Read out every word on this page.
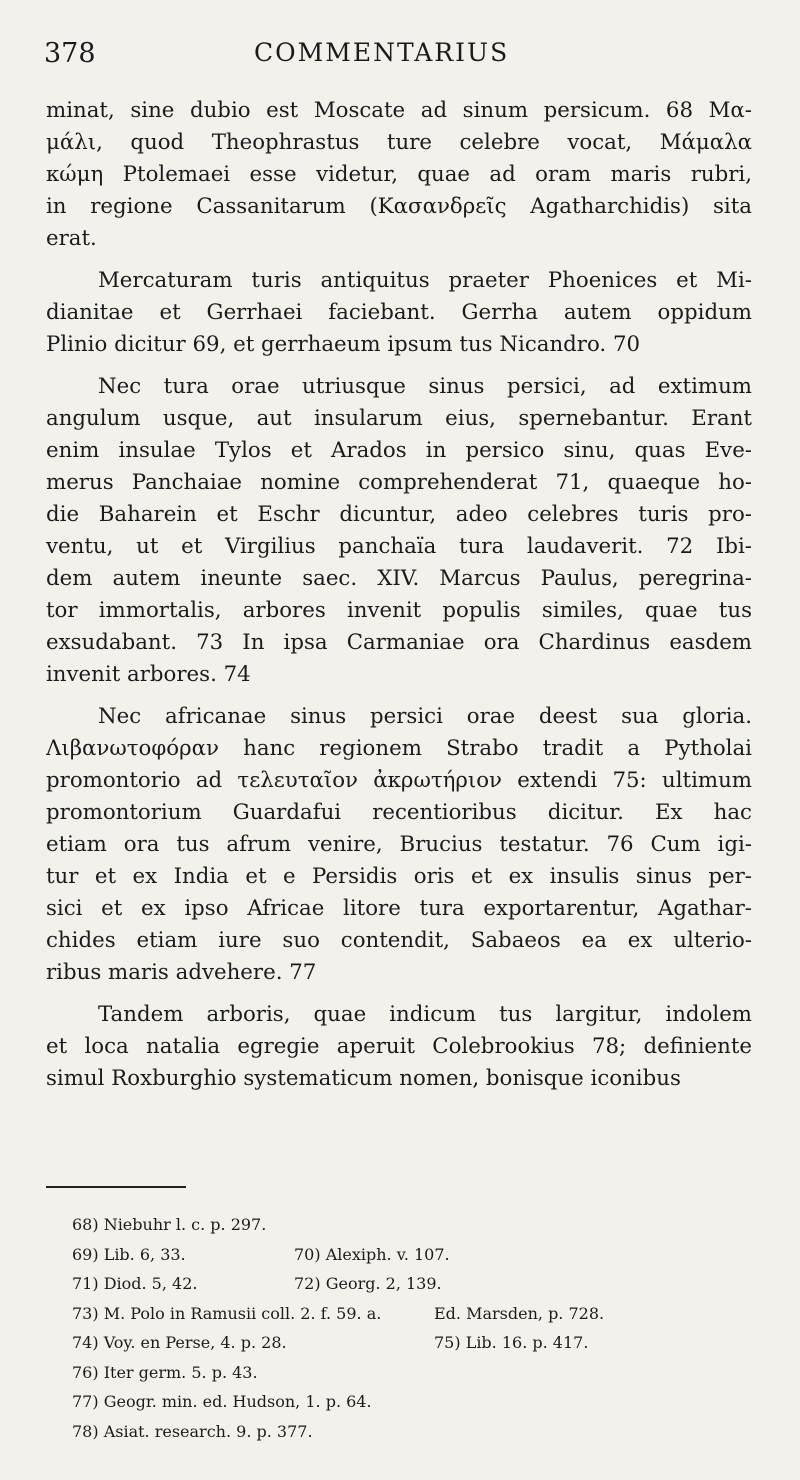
378	COMMENTARIUS
minat, sine dubio est Moscate ad sinum persicum. 68 Μα-
μάλι, quod Theophrastus ture celebre vocat, Μάμαλα
κώμη Ptolemaei esse videtur, quae ad oram maris rubri,
in regione Cassanitarum (Κασανδρεῖς Agatharchidis) sita
erat.
Mercaturam turis antiquitus praeter Phoenices et Mi-
dianitae et Gerrhaei faciebant. Gerrha autem oppidum
Plinio dicitur 69, et gerrhaeum ipsum tus Nicandro. 70
Nec tura orae utriusque sinus persici, ad extimum
angulum usque, aut insularum eius, spernebantur. Erant
enim insulae Tylos et Arados in persico sinu, quas Eve-
merus Panchaiae nomine comprehenderat 71, quaeque ho-
die Baharein et Eschr dicuntur, adeo celebres turis pro-
ventu, ut et Virgilius panchaïa tura laudaverit. 72 Ibi-
dem autem ineunte saec. XIV. Marcus Paulus, peregrina-
tor immortalis, arbores invenit populis similes, quae tus
exsudabant. 73 In ipsa Carmaniae ora Chardinus easdem
invenit arbores. 74
Nec africanae sinus persici orae deest sua gloria.
Λιβανωτοφόραν hanc regionem Strabo tradit a Pytholai
promontorio ad τελευταῖον ἀκρωτήριον extendi 75: ultimum
promontorium Guardafui recentioribus dicitur. Ex hac
etiam ora tus afrum venire, Brucius testatur. 76 Cum igi-
tur et ex India et e Persidis oris et ex insulis sinus per-
sici et ex ipso Africae litore tura exportarentur, Agathar-
chides etiam iure suo contendit, Sabaeos ea ex ulterio-
ribus maris advehere. 77
Tandem arboris, quae indicum tus largitur, indolem
et loca natalia egregie aperuit Colebrookius 78; definiente
simul Roxburghio systematicum nomen, bonisque iconibus
68) Niebuhr l. c. p. 297.
69) Lib. 6, 33.	70) Alexiph. v. 107.
71) Diod. 5, 42.	72) Georg. 2, 139.
73) M. Polo in Ramusii coll. 2. f. 59. a.	Ed. Marsden, p. 728.
74) Voy. en Perse, 4. p. 28.	75) Lib. 16. p. 417.
76) Iter germ. 5. p. 43.
77) Geogr. min. ed. Hudson, 1. p. 64.
78) Asiat. research. 9. p. 377.
